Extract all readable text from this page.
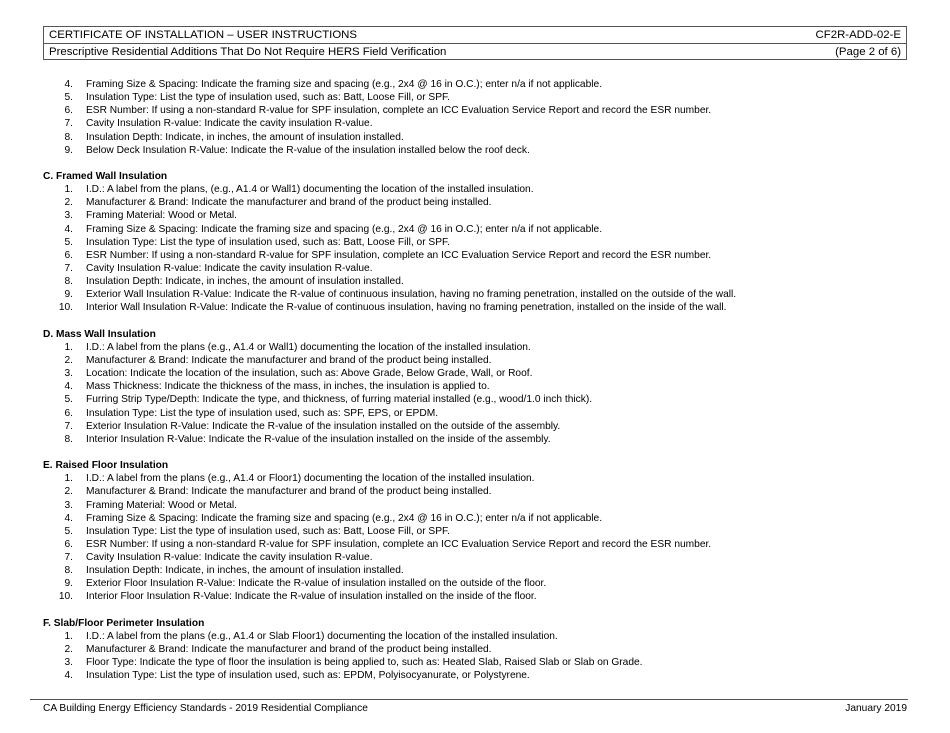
CERTIFICATE OF INSTALLATION – USER INSTRUCTIONS	CF2R-ADD-02-E
Prescriptive Residential Additions That Do Not Require HERS Field Verification	(Page 2 of 6)
4. Framing Size & Spacing: Indicate the framing size and spacing (e.g., 2x4 @ 16 in O.C.); enter n/a if not applicable.
5. Insulation Type: List the type of insulation used, such as: Batt, Loose Fill, or SPF.
6. ESR Number: If using a non-standard R-value for SPF insulation, complete an ICC Evaluation Service Report and record the ESR number.
7. Cavity Insulation R-value: Indicate the cavity insulation R-value.
8. Insulation Depth: Indicate, in inches, the amount of insulation installed.
9. Below Deck Insulation R-Value: Indicate the R-value of the insulation installed below the roof deck.
C. Framed Wall Insulation
1. I.D.: A label from the plans, (e.g., A1.4 or Wall1) documenting the location of the installed insulation.
2. Manufacturer & Brand: Indicate the manufacturer and brand of the product being installed.
3. Framing Material: Wood or Metal.
4. Framing Size & Spacing: Indicate the framing size and spacing (e.g., 2x4 @ 16 in O.C.); enter n/a if not applicable.
5. Insulation Type: List the type of insulation used, such as: Batt, Loose Fill, or SPF.
6. ESR Number: If using a non-standard R-value for SPF insulation, complete an ICC Evaluation Service Report and record the ESR number.
7. Cavity Insulation R-value: Indicate the cavity insulation R-value.
8. Insulation Depth: Indicate, in inches, the amount of insulation installed.
9. Exterior Wall Insulation R-Value: Indicate the R-value of continuous insulation, having no framing penetration, installed on the outside of the wall.
10. Interior Wall Insulation R-Value: Indicate the R-value of continuous insulation, having no framing penetration, installed on the inside of the wall.
D. Mass Wall Insulation
1. I.D.: A label from the plans (e.g., A1.4 or Wall1) documenting the location of the installed insulation.
2. Manufacturer & Brand: Indicate the manufacturer and brand of the product being installed.
3. Location: Indicate the location of the insulation, such as: Above Grade, Below Grade, Wall, or Roof.
4. Mass Thickness: Indicate the thickness of the mass, in inches, the insulation is applied to.
5. Furring Strip Type/Depth: Indicate the type, and thickness, of furring material installed (e.g., wood/1.0 inch thick).
6. Insulation Type: List the type of insulation used, such as: SPF, EPS, or EPDM.
7. Exterior Insulation R-Value: Indicate the R-value of the insulation installed on the outside of the assembly.
8. Interior Insulation R-Value: Indicate the R-value of the insulation installed on the inside of the assembly.
E. Raised Floor Insulation
1. I.D.: A label from the plans (e.g., A1.4 or Floor1) documenting the location of the installed insulation.
2. Manufacturer & Brand: Indicate the manufacturer and brand of the product being installed.
3. Framing Material: Wood or Metal.
4. Framing Size & Spacing: Indicate the framing size and spacing (e.g., 2x4 @ 16 in O.C.); enter n/a if not applicable.
5. Insulation Type: List the type of insulation used, such as: Batt, Loose Fill, or SPF.
6. ESR Number: If using a non-standard R-value for SPF insulation, complete an ICC Evaluation Service Report and record the ESR number.
7. Cavity Insulation R-value: Indicate the cavity insulation R-value.
8. Insulation Depth: Indicate, in inches, the amount of insulation installed.
9. Exterior Floor Insulation R-Value: Indicate the R-value of insulation installed on the outside of the floor.
10. Interior Floor Insulation R-Value: Indicate the R-value of insulation installed on the inside of the floor.
F. Slab/Floor Perimeter Insulation
1. I.D.: A label from the plans (e.g., A1.4 or Slab Floor1) documenting the location of the installed insulation.
2. Manufacturer & Brand: Indicate the manufacturer and brand of the product being installed.
3. Floor Type: Indicate the type of floor the insulation is being applied to, such as: Heated Slab, Raised Slab or Slab on Grade.
4. Insulation Type: List the type of insulation used, such as: EPDM, Polyisocyanurate, or Polystyrene.
CA Building Energy Efficiency Standards - 2019 Residential Compliance	January 2019
